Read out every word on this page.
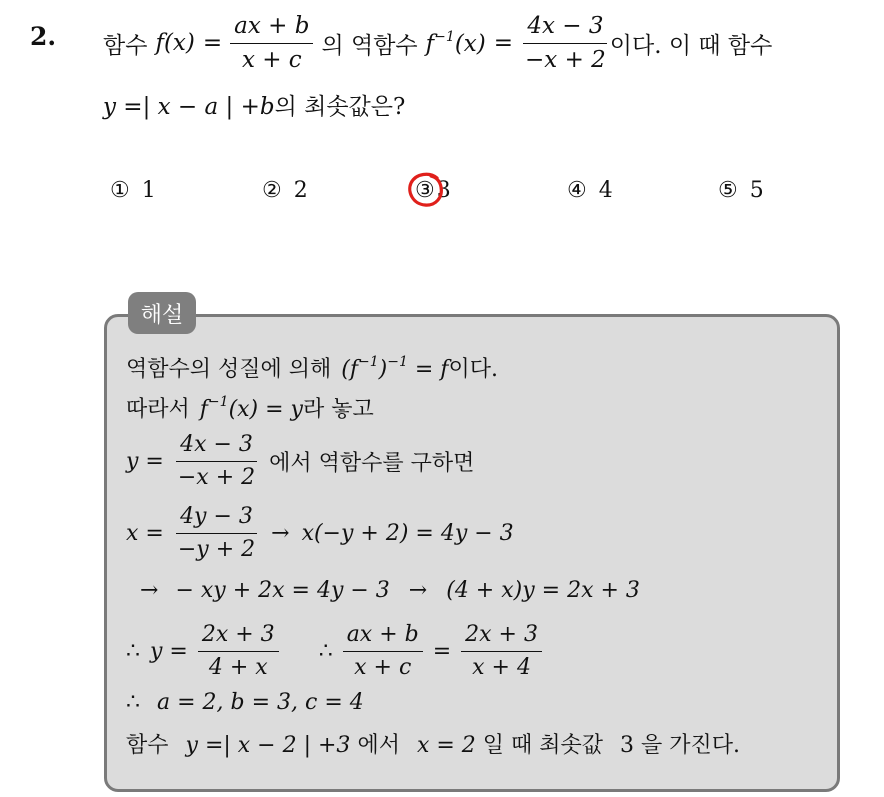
2. 함수 $f(x) = \frac{ax + b}{x + c}$ 의 역함수 $f^{-1}(x) = \frac{4x - 3}{-x + 2}$ 이다. 이 때 함수
y =| x − a | +b의 최솟값은?
① 1	② 2	③3	④ 4	⑤ 5
해설
역함수의 성질에 의해 $(f^{-1})^{-1} = f$이다.
따라서 $f^{-1}(x) = y$라 놓고
$y = \frac{4x - 3}{-x + 2}$ 에서 역함수를 구하면
$x = \frac{4y - 3}{-y + 2} \to x(-y + 2) = 4y - 3$
→ − xy + 2x = 4y − 3 → (4 + x)y = 2x + 3
∴ $y = \frac{2x + 3}{4 + x}$ ∴ $\frac{ax + b}{x + c} = \frac{2x + 3}{x + 4}$
∴ a = 2, b = 3, c = 4
함수 y =| x − 2 | +3 에서 x = 2 일 때 최솟값 3 을 가진다.
